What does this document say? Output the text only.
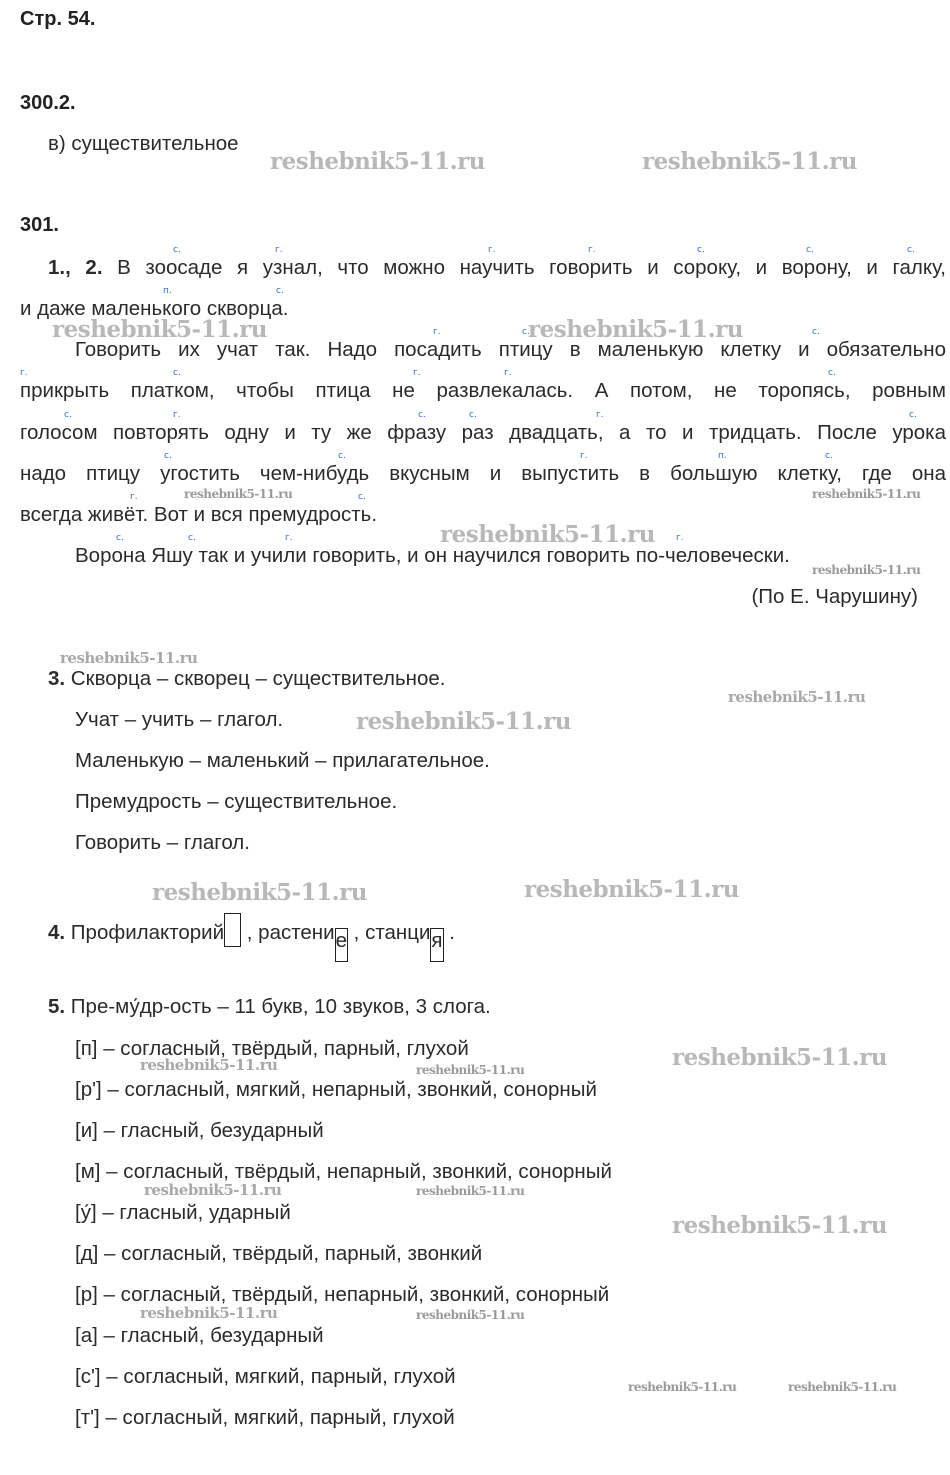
Стр. 54.
300.2.
в) существительное
301.
1., 2. В зоосаде я узнал, что можно научить говорить и сороку, и ворону, и галку,
и даже маленького скворца.
Говорить их учат так. Надо посадить птицу в маленькую клетку и обязательно
прикрыть платком, чтобы птица не развлекалась. А потом, не торопясь, ровным
голосом повторять одну и ту же фразу раз двадцать, а то и тридцать. После урока
надо птицу угостить чем-нибудь вкусным и выпустить в большую клетку, где она
всегда живёт. Вот и вся премудрость.
Ворона Яшу так и учили говорить, и он научился говорить по-человечески.
(По Е. Чарушину)
3. Скворца – скворец – существительное.
Учат – учить – глагол.
Маленькую – маленький – прилагательное.
Премудрость – существительное.
Говорить – глагол.
4. Профилакторий , растение , станция .
5. Пре-му́др-ость – 11 букв, 10 звуков, 3 слога.
[п] – согласный, твёрдый, парный, глухой
[р'] – согласный, мягкий, непарный, звонкий, сонорный
[и] – гласный, безударный
[м] – согласный, твёрдый, непарный, звонкий, сонорный
[у́] – гласный, ударный
[д] – согласный, твёрдый, парный, звонкий
[р] – согласный, твёрдый, непарный, звонкий, сонорный
[а] – гласный, безударный
[с'] – согласный, мягкий, парный, глухой
[т'] – согласный, мягкий, парный, глухой
с.	г.	г.	г.	с.	с.	с.
п.	с.
г.	с.	с.
г.	с.	г.	г.	с.
с.	г.	с.	с.	г.	с.
с.	с.	г.	п.	с.
г.	с.
с.	с.	г.	г.
reshebnik5-11.ru	reshebnik5-11.ru
reshebnik5-11.ru	reshebnik5-11.ru
reshebnik5-11.ru	reshebnik5-11.ru
reshebnik5-11.ru
reshebnik5-11.ru
reshebnik5-11.ru
reshebnik5-11.ru
reshebnik5-11.ru
reshebnik5-11.ru	reshebnik5-11.ru
reshebnik5-11.ru
reshebnik5-11.ru	reshebnik5-11.ru
reshebnik5-11.ru	reshebnik5-11.ru
reshebnik5-11.ru
reshebnik5-11.ru	reshebnik5-11.ru
reshebnik5-11.ru	reshebnik5-11.ru
